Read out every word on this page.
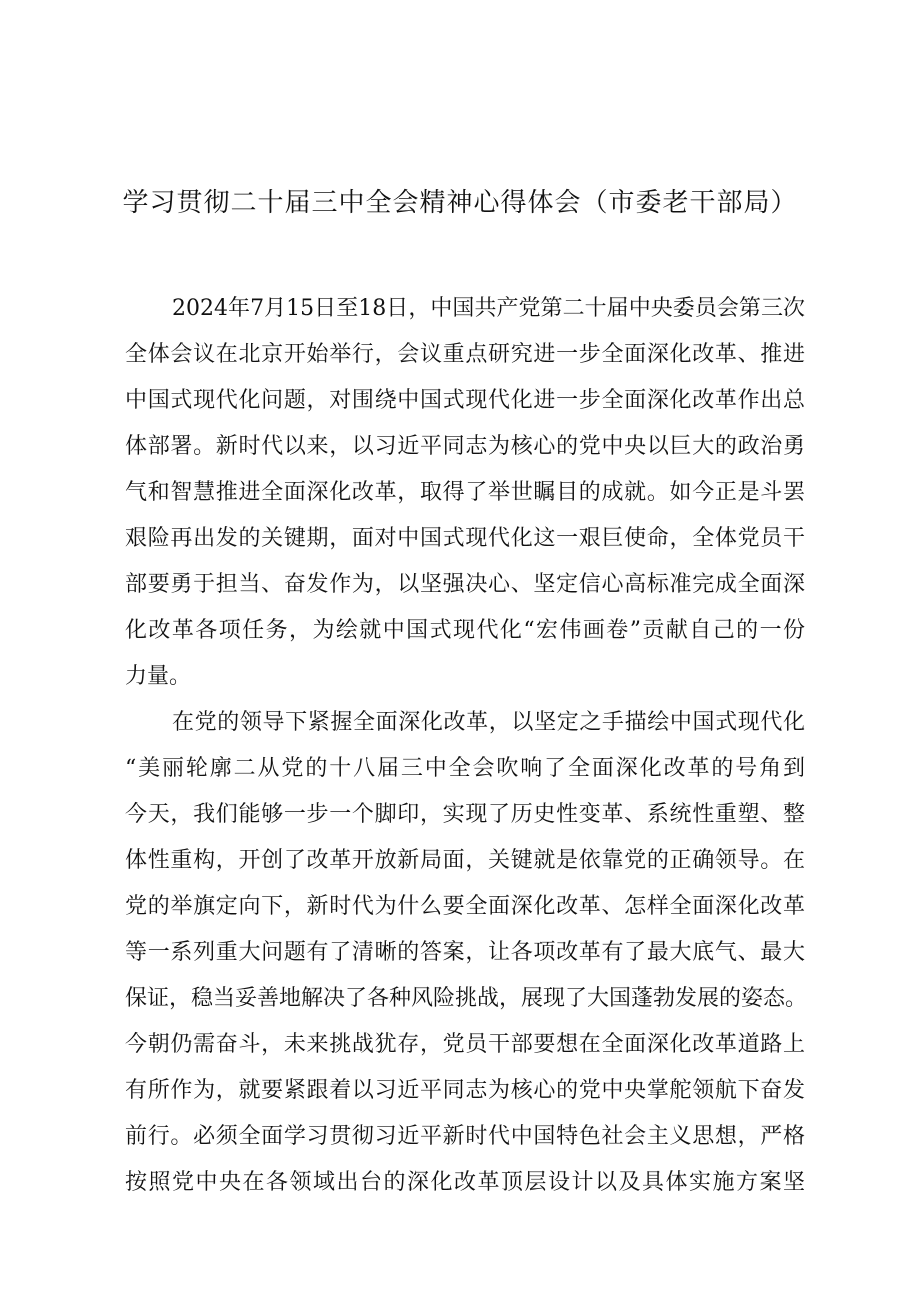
学习贯彻二十届三中全会精神心得体会（市委老干部局）
2024年7月15日至18日，中国共产党第二十届中央委员会第三次
全体会议在北京开始举行，会议重点研究进一步全面深化改革、推进
中国式现代化问题，对围绕中国式现代化进一步全面深化改革作出总
体部署。新时代以来，以习近平同志为核心的党中央以巨大的政治勇
气和智慧推进全面深化改革，取得了举世瞩目的成就。如今正是斗罢
艰险再出发的关键期，面对中国式现代化这一艰巨使命，全体党员干
部要勇于担当、奋发作为，以坚强决心、坚定信心高标准完成全面深
化改革各项任务，为绘就中国式现代化“宏伟画卷”贡献自己的一份
力量。
在党的领导下紧握全面深化改革，以坚定之手描绘中国式现代化
“美丽轮廓二从党的十八届三中全会吹响了全面深化改革的号角到
今天，我们能够一步一个脚印，实现了历史性变革、系统性重塑、整
体性重构，开创了改革开放新局面，关键就是依靠党的正确领导。在
党的举旗定向下，新时代为什么要全面深化改革、怎样全面深化改革
等一系列重大问题有了清晰的答案，让各项改革有了最大底气、最大
保证，稳当妥善地解决了各种风险挑战，展现了大国蓬勃发展的姿态。
今朝仍需奋斗，未来挑战犹存，党员干部要想在全面深化改革道路上
有所作为，就要紧跟着以习近平同志为核心的党中央掌舵领航下奋发
前行。必须全面学习贯彻习近平新时代中国特色社会主义思想，严格
按照党中央在各领域出台的深化改革顶层设计以及具体实施方案坚
